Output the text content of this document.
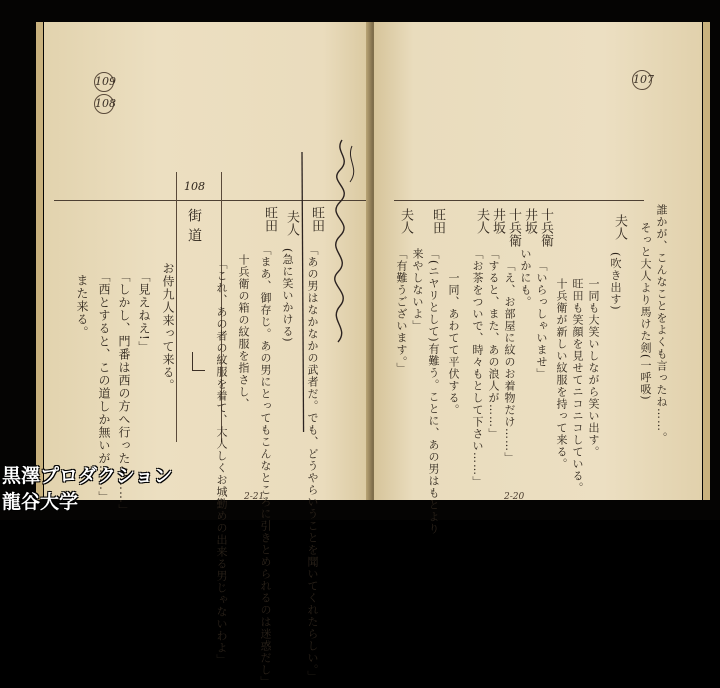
109
108
108
街道
お侍九人来って来る。
「見えねえ!」
「しかし、門番は西の方へ行ったと……」
「西とすると、この道しか無いが……」
また来る。
旺田
「あの男はなかなかの武者だ。でも、どうやらいうことを聞いてくれたらしい。」
夫人
(急に笑いかける)
旺田
「まあ、御存じ。あの男にとってもこんなところに引きとめられるのは迷惑だし」
十兵衛の箱の紋服を指さし、
「これ、あの者の紋服を着て、大人しくお城勤めの出来る男じゃないわよ」 2-21
107
誰かが、こんなことをよくも言ったね……。
そっと大人より馬けた剣(一呼吸)
夫人
(吹き出す)
一同も大笑いしながら笑い出す。
旺田も笑顔を見せてニコニコしている。
十兵衛が新しい紋服を持って来る。
十兵衛
「いらっしゃいませ」
井坂
いかにも。
十兵衛
「え、お部屋に紋のお着物だけ……」
井坂
「すると、また、あの浪人が……」
夫人
「お茶をついで、時々もとして下さい……」
一同、あわてて平伏する。
旺田
「(ニヤリとして)有難う。ことに、あの男はもとより
来やしないよ」
夫人
「有難うございます。」
2-20
黒澤プロダクション
龍谷大学
